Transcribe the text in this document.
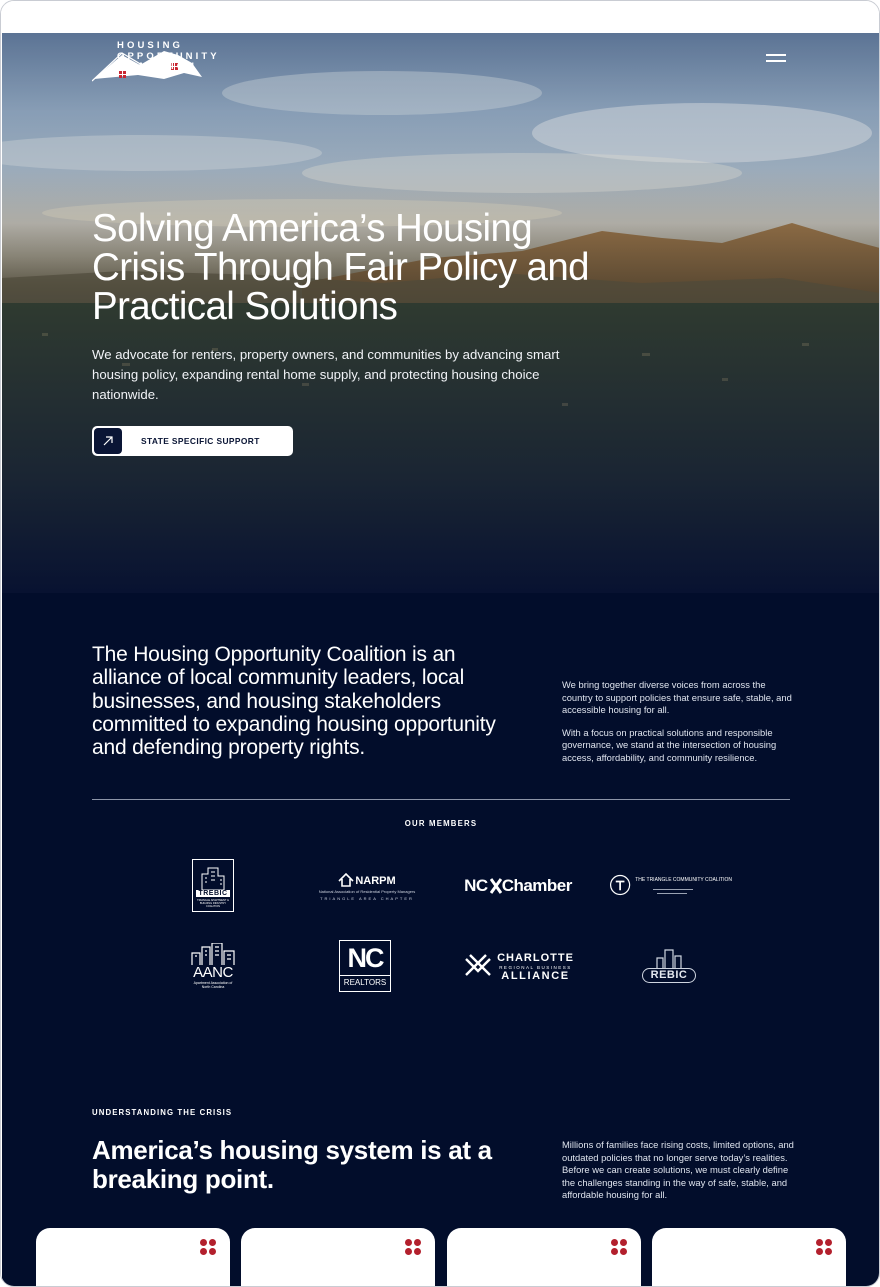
HOUSING
OPPORTUNITY
COALITION
Solving America’s Housing Crisis Through Fair Policy and Practical Solutions

We advocate for renters, property owners, and communities by advancing smart housing policy, expanding rental home supply, and protecting housing choice nationwide.

STATE SPECIFIC SUPPORT

The Housing Opportunity Coalition is an alliance of local community leaders, local businesses, and housing stakeholders committed to expanding housing opportunity and defending property rights.

We bring together diverse voices from across the country to support policies that ensure safe, stable, and accessible housing for all.

With a focus on practical solutions and responsible governance, we stand at the intersection of housing access, affordability, and community resilience.

OUR MEMBERS
TREBIC
TRIANGLE APARTMENT & BUILDING INDUSTRY COALITION
NARPM
National Association of Residential Property Managers
TRIANGLE AREA CHAPTER
NC Chamber	THE TRIANGLE COMMUNITY COALITION
AANC
Apartment Association of North Carolina
NC
REALTORS
CHARLOTTE
REGIONAL BUSINESS
ALLIANCE	REBIC
UNDERSTANDING THE CRISIS
America’s housing system is at a breaking point.

Millions of families face rising costs, limited options, and outdated policies that no longer serve today’s realities. Before we can create solutions, we must clearly define the challenges standing in the way of safe, stable, and affordable housing for all.
